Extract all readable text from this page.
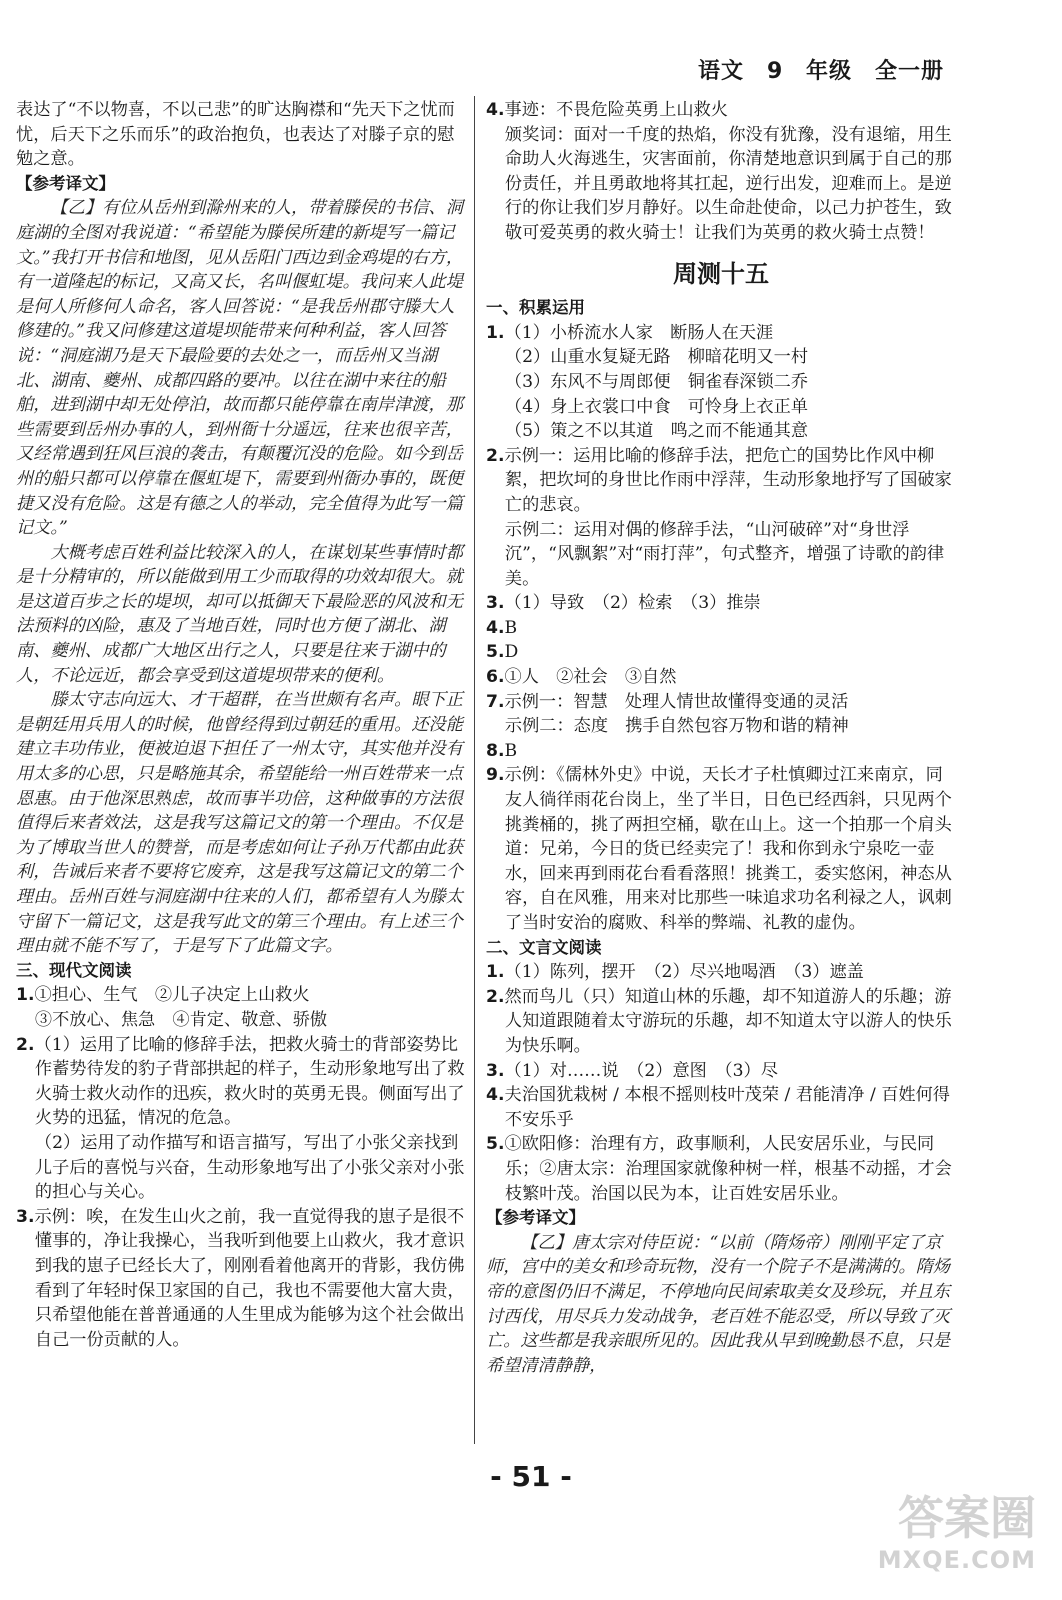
语文　9 年级　全一册

表达了“不以物喜，不以己悲”的旷达胸襟和“先天下之忧而忧，后天下之乐而乐”的政治抱负，也表达了对滕子京的慰勉之意。

【参考译文】

【乙】有位从岳州到滁州来的人，带着滕侯的书信、洞庭湖的全图对我说道：“希望能为滕侯所建的新堤写一篇记文。”我打开书信和地图，见从岳阳门西边到金鸡堤的右方，有一道隆起的标记，又高又长，名叫偃虹堤。我问来人此堤是何人所修何人命名，客人回答说：“是我岳州郡守滕大人修建的。”我又问修建这道堤坝能带来何种利益，客人回答说：“洞庭湖乃是天下最险要的去处之一，而岳州又当湖北、湖南、夔州、成都四路的要冲。以往在湖中来往的船舶，进到湖中却无处停泊，故而都只能停靠在南岸津渡，那些需要到岳州办事的人，到州衙十分遥远，往来也很辛苦，又经常遇到狂风巨浪的袭击，有颠覆沉没的危险。如今到岳州的船只都可以停靠在偃虹堤下，需要到州衙办事的，既便捷又没有危险。这是有德之人的举动，完全值得为此写一篇记文。”

大概考虑百姓利益比较深入的人，在谋划某些事情时都是十分精审的，所以能做到用工少而取得的功效却很大。就是这道百步之长的堤坝，却可以抵御天下最险恶的风波和无法预料的凶险，惠及了当地百姓，同时也方便了湖北、湖南、夔州、成都广大地区出行之人，只要是往来于湖中的人，不论远近，都会享受到这道堤坝带来的便利。

滕太守志向远大、才干超群，在当世颇有名声。眼下正是朝廷用兵用人的时候，他曾经得到过朝廷的重用。还没能建立丰功伟业，便被迫退下担任了一州太守，其实他并没有用太多的心思，只是略施其余，希望能给一州百姓带来一点恩惠。由于他深思熟虑，故而事半功倍，这种做事的方法很值得后来者效法，这是我写这篇记文的第一个理由。不仅是为了博取当世人的赞誉，而是考虑如何让子孙万代都由此获利，告诫后来者不要将它废弃，这是我写这篇记文的第二个理由。岳州百姓与洞庭湖中往来的人们，都希望有人为滕太守留下一篇记文，这是我写此文的第三个理由。有上述三个理由就不能不写了，于是写下了此篇文字。

三、现代文阅读

1.①担心、生气　②儿子决定上山救火

③不放心、焦急　④肯定、敬意、骄傲

2.（1）运用了比喻的修辞手法，把救火骑士的背部姿势比作蓄势待发的豹子背部拱起的样子，生动形象地写出了救火骑士救火动作的迅疾，救火时的英勇无畏。侧面写出了火势的迅猛，情况的危急。

（2）运用了动作描写和语言描写，写出了小张父亲找到儿子后的喜悦与兴奋，生动形象地写出了小张父亲对小张的担心与关心。

3.示例：唉，在发生山火之前，我一直觉得我的崽子是很不懂事的，净让我操心，当我听到他要上山救火，我才意识到我的崽子已经长大了，刚刚看着他离开的背影，我仿佛看到了年轻时保卫家国的自己，我也不需要他大富大贵，只希望他能在普普通通的人生里成为能够为这个社会做出自己一份贡献的人。

4.事迹：不畏危险英勇上山救火

颁奖词：面对一千度的热焰，你没有犹豫，没有退缩，用生命助人火海逃生，灾害面前，你清楚地意识到属于自己的那份责任，并且勇敢地将其扛起，逆行出发，迎难而上。是逆行的你让我们岁月静好。以生命赴使命，以己力护苍生，致敬可爱英勇的救火骑士！让我们为英勇的救火骑士点赞！

周测十五

一、积累运用

1.（1）小桥流水人家　断肠人在天涯

（2）山重水复疑无路　柳暗花明又一村

（3）东风不与周郎便　铜雀春深锁二乔

（4）身上衣裳口中食　可怜身上衣正单

（5）策之不以其道　鸣之而不能通其意

2.示例一：运用比喻的修辞手法，把危亡的国势比作风中柳絮，把坎坷的身世比作雨中浮萍，生动形象地抒写了国破家亡的悲哀。

示例二：运用对偶的修辞手法，“山河破碎”对“身世浮沉”，“风飘絮”对“雨打萍”，句式整齐，增强了诗歌的韵律美。

3.（1）导致　（2）检索　（3）推崇

4.B

5.D

6.①人　②社会　③自然

7.示例一：智慧　处理人情世故懂得变通的灵活

示例二：态度　携手自然包容万物和谐的精神

8.B

9.示例：《儒林外史》中说，天长才子杜慎卿过江来南京，同友人徜徉雨花台岗上，坐了半日，日色已经西斜，只见两个挑粪桶的，挑了两担空桶，歇在山上。这一个拍那一个肩头道：兄弟，今日的货已经卖完了！我和你到永宁泉吃一壶水，回来再到雨花台看看落照！挑粪工，委实悠闲，神态从容，自在风雅，用来对比那些一味追求功名利禄之人，讽刺了当时安治的腐败、科举的弊端、礼教的虚伪。

二、文言文阅读

1.（1）陈列，摆开　（2）尽兴地喝酒　（3）遮盖

2.然而鸟儿（只）知道山林的乐趣，却不知道游人的乐趣；游人知道跟随着太守游玩的乐趣，却不知道太守以游人的快乐为快乐啊。

3.（1）对……说　（2）意图　（3）尽

4.夫治国犹栽树 / 本根不摇则枝叶茂荣 / 君能清净 / 百姓何得不安乐乎

5.①欧阳修：治理有方，政事顺利，人民安居乐业，与民同乐；②唐太宗：治理国家就像种树一样，根基不动摇，才会枝繁叶茂。治国以民为本，让百姓安居乐业。

【参考译文】

【乙】唐太宗对侍臣说：“以前（隋炀帝）刚刚平定了京师，宫中的美女和珍奇玩物，没有一个院子不是满满的。隋炀帝的意图仍旧不满足，不停地向民间索取美女及珍玩，并且东讨西伐，用尽兵力发动战争，老百姓不能忍受，所以导致了灭亡。这些都是我亲眼所见的。因此我从早到晚勤恳不息，只是希望清清静静，

- 51 -
答案圈
MXQE.COM
